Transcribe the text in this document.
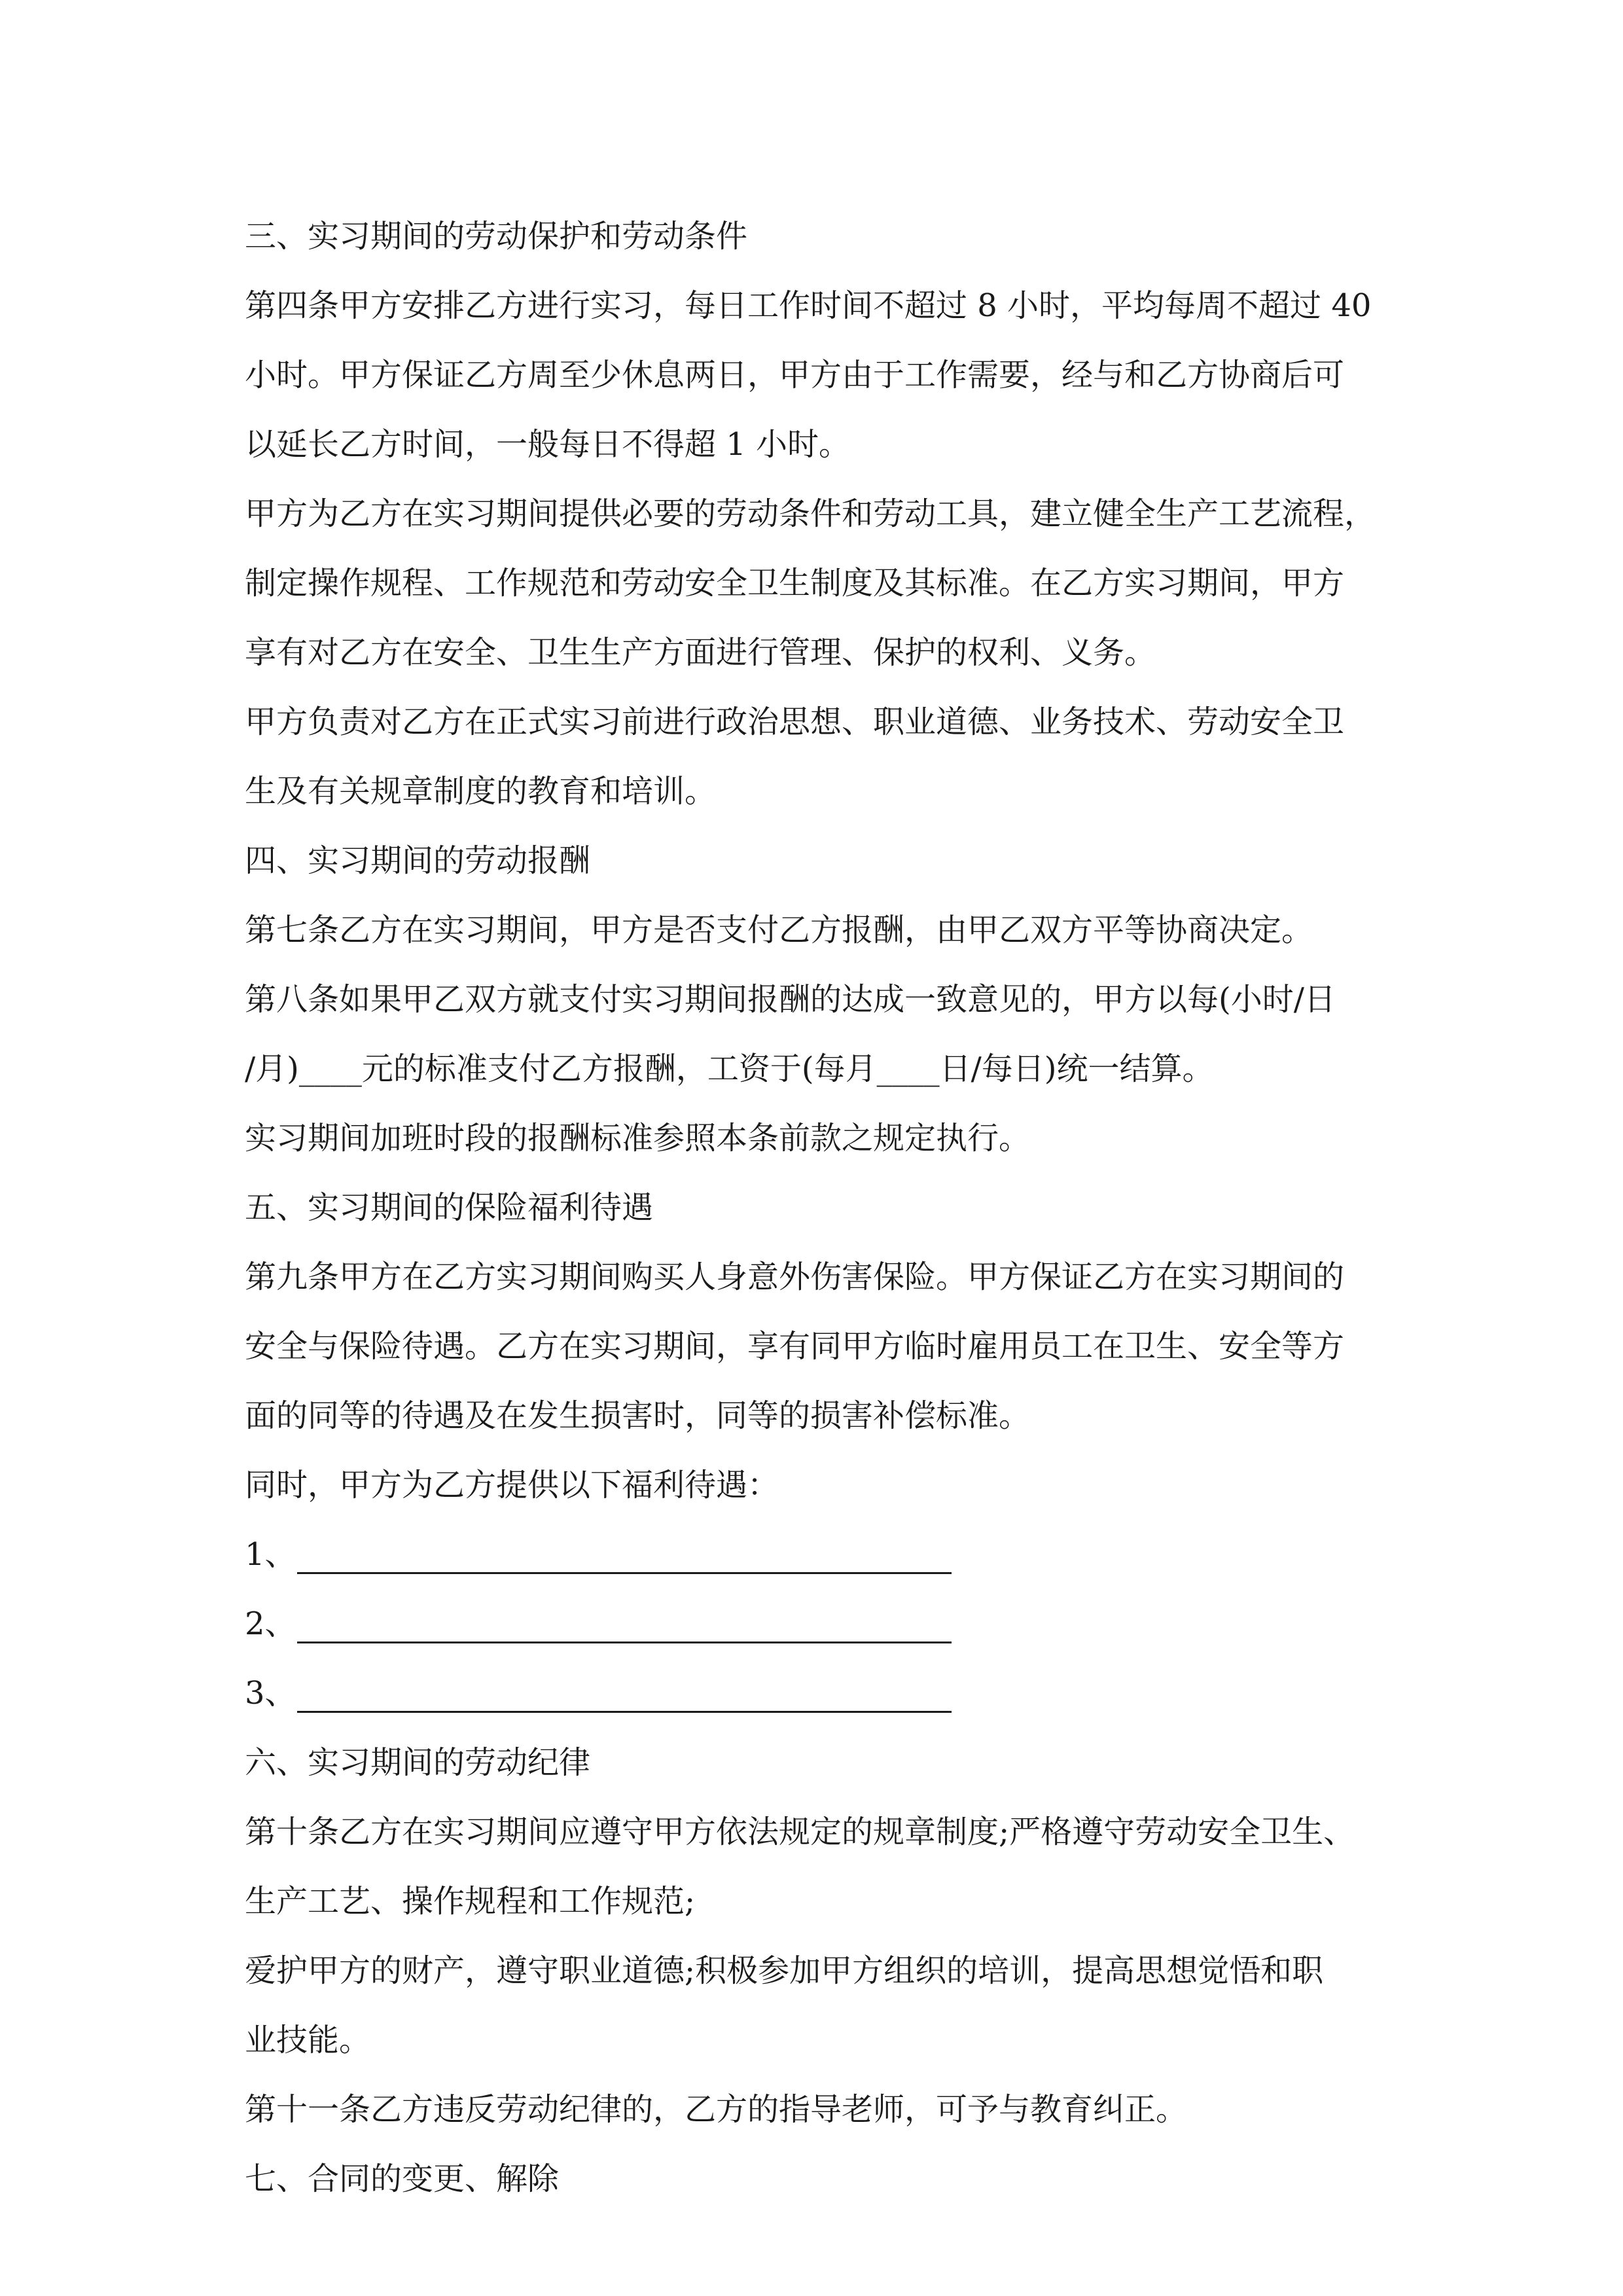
三、实习期间的劳动保护和劳动条件
第四条甲方安排乙方进行实习，每日工作时间不超过 8 小时，平均每周不超过 40
小时。甲方保证乙方周至少休息两日，甲方由于工作需要，经与和乙方协商后可
以延长乙方时间，一般每日不得超 1 小时。
甲方为乙方在实习期间提供必要的劳动条件和劳动工具，建立健全生产工艺流程，
制定操作规程、工作规范和劳动安全卫生制度及其标准。在乙方实习期间，甲方
享有对乙方在安全、卫生生产方面进行管理、保护的权利、义务。
甲方负责对乙方在正式实习前进行政治思想、职业道德、业务技术、劳动安全卫
生及有关规章制度的教育和培训。
四、实习期间的劳动报酬
第七条乙方在实习期间，甲方是否支付乙方报酬，由甲乙双方平等协商决定。
第八条如果甲乙双方就支付实习期间报酬的达成一致意见的，甲方以每(小时/日
/月)____元的标准支付乙方报酬，工资于(每月____日/每日)统一结算。
实习期间加班时段的报酬标准参照本条前款之规定执行。
五、实习期间的保险福利待遇
第九条甲方在乙方实习期间购买人身意外伤害保险。甲方保证乙方在实习期间的
安全与保险待遇。乙方在实习期间，享有同甲方临时雇用员工在卫生、安全等方
面的同等的待遇及在发生损害时，同等的损害补偿标准。
同时，甲方为乙方提供以下福利待遇：
1、
2、
3、
六、实习期间的劳动纪律
第十条乙方在实习期间应遵守甲方依法规定的规章制度;严格遵守劳动安全卫生、
生产工艺、操作规程和工作规范;
爱护甲方的财产，遵守职业道德;积极参加甲方组织的培训，提高思想觉悟和职
业技能。
第十一条乙方违反劳动纪律的，乙方的指导老师，可予与教育纠正。
七、合同的变更、解除
